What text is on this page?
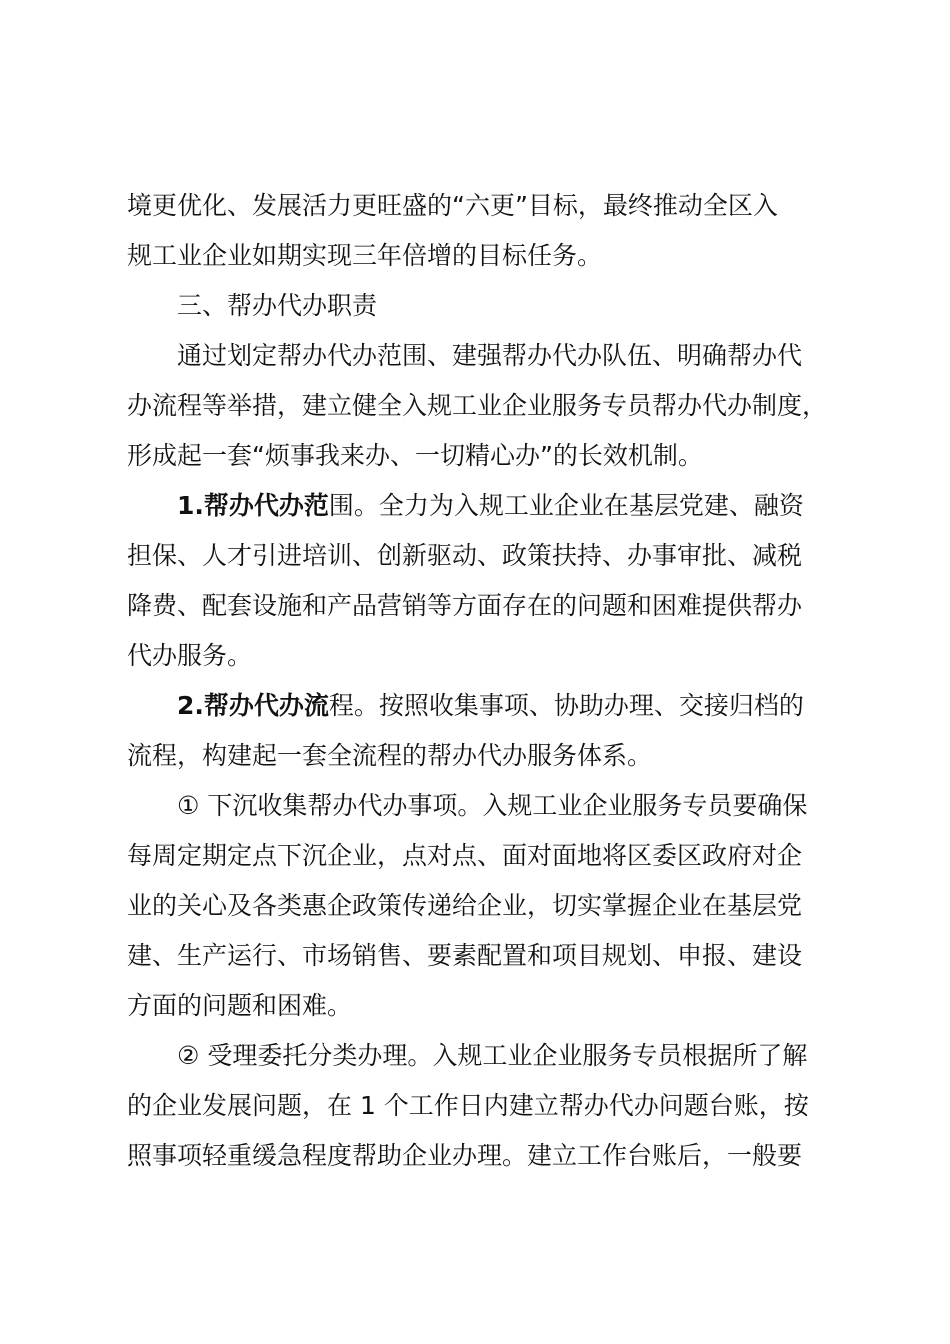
境更优化、发展活力更旺盛的“六更”目标，最终推动全区入
规工业企业如期实现三年倍增的目标任务。
三、帮办代办职责
通过划定帮办代办范围、建强帮办代办队伍、明确帮办代
办流程等举措，建立健全入规工业企业服务专员帮办代办制度，
形成起一套“烦事我来办、一切精心办”的长效机制。
1.帮办代办范围。全力为入规工业企业在基层党建、融资
担保、人才引进培训、创新驱动、政策扶持、办事审批、减税
降费、配套设施和产品营销等方面存在的问题和困难提供帮办
代办服务。
2.帮办代办流程。按照收集事项、协助办理、交接归档的
流程，构建起一套全流程的帮办代办服务体系。
① 下沉收集帮办代办事项。入规工业企业服务专员要确保
每周定期定点下沉企业，点对点、面对面地将区委区政府对企
业的关心及各类惠企政策传递给企业，切实掌握企业在基层党
建、生产运行、市场销售、要素配置和项目规划、申报、建设
方面的问题和困难。
② 受理委托分类办理。入规工业企业服务专员根据所了解
的企业发展问题，在 1 个工作日内建立帮办代办问题台账，按
照事项轻重缓急程度帮助企业办理。建立工作台账后，一般要
